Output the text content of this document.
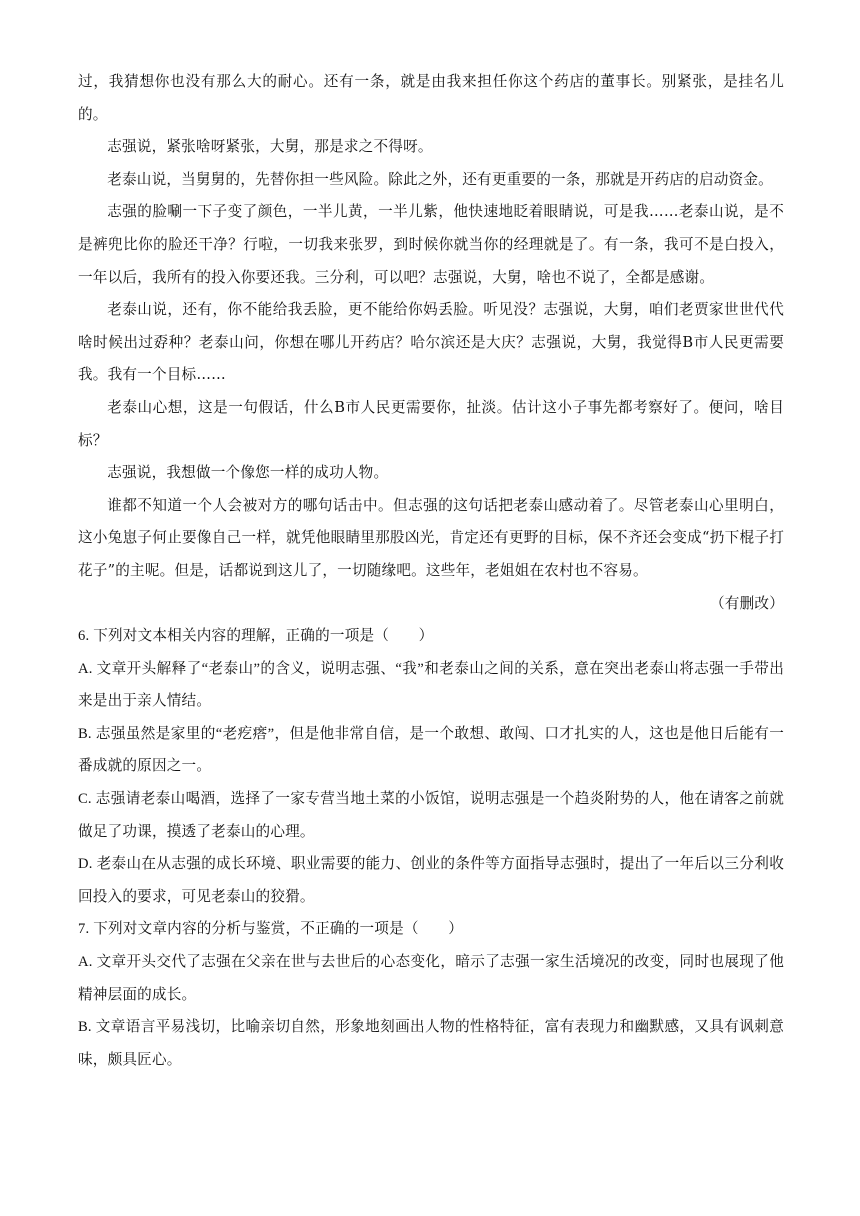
过，我猜想你也没有那么大的耐心。还有一条，就是由我来担任你这个药店的董事长。别紧张，是挂名儿的。

志强说，紧张啥呀紧张，大舅，那是求之不得呀。

老泰山说，当舅舅的，先替你担一些风险。除此之外，还有更重要的一条，那就是开药店的启动资金。

志强的脸唰一下子变了颜色，一半儿黄，一半儿紫，他快速地眨着眼睛说，可是我……老泰山说，是不是裤兜比你的脸还干净？行啦，一切我来张罗，到时候你就当你的经理就是了。有一条，我可不是白投入，一年以后，我所有的投入你要还我。三分利，可以吧？志强说，大舅，啥也不说了，全都是感谢。

老泰山说，还有，你不能给我丢脸，更不能给你妈丢脸。听见没？志强说，大舅，咱们老贾家世世代代啥时候出过孬种？老泰山问，你想在哪儿开药店？哈尔滨还是大庆？志强说，大舅，我觉得B市人民更需要我。我有一个目标……

老泰山心想，这是一句假话，什么B市人民更需要你，扯淡。估计这小子事先都考察好了。便问，啥目标？

志强说，我想做一个像您一样的成功人物。

谁都不知道一个人会被对方的哪句话击中。但志强的这句话把老泰山感动着了。尽管老泰山心里明白，这小兔崽子何止要像自己一样，就凭他眼睛里那股凶光，肯定还有更野的目标，保不齐还会变成“扔下棍子打花子”的主呢。但是，话都说到这儿了，一切随缘吧。这些年，老姐姐在农村也不容易。

（有删改）

6. 下列对文本相关内容的理解，正确的一项是（　　）

A. 文章开头解释了“老泰山”的含义，说明志强、“我”和老泰山之间的关系，意在突出老泰山将志强一手带出来是出于亲人情结。

B. 志强虽然是家里的“老疙瘩”，但是他非常自信，是一个敢想、敢闯、口才扎实的人，这也是他日后能有一番成就的原因之一。

C. 志强请老泰山喝酒，选择了一家专营当地土菜的小饭馆，说明志强是一个趋炎附势的人，他在请客之前就做足了功课，摸透了老泰山的心理。

D. 老泰山在从志强的成长环境、职业需要的能力、创业的条件等方面指导志强时，提出了一年后以三分利收回投入的要求，可见老泰山的狡猾。

7. 下列对文章内容的分析与鉴赏，不正确的一项是（　　）

A. 文章开头交代了志强在父亲在世与去世后的心态变化，暗示了志强一家生活境况的改变，同时也展现了他精神层面的成长。

B. 文章语言平易浅切，比喻亲切自然，形象地刻画出人物的性格特征，富有表现力和幽默感，又具有讽刺意味，颇具匠心。
